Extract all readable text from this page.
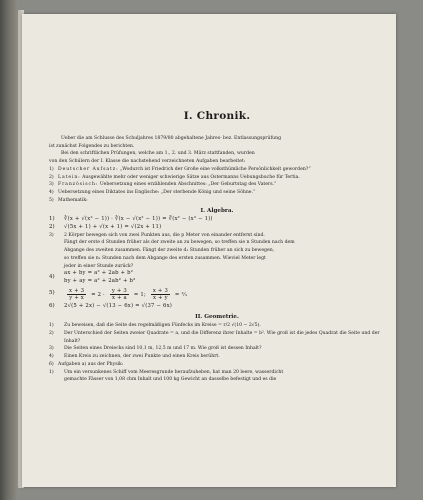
I. Chronik.

Ueber die am Schlusse des Schuljahres 1879/80 abgehaltene Jahres- bez. Entlassungsprüfung
ist zunächst Folgendes zu berichten.

Bei den schriftlichen Prüfungen, welche am 1., 2. und 3. März stattfanden, wurden
von den Schülern der I. Klasse die nachstehend verzeichneten Aufgaben bearbeitet:

1) Deutscher Aufsatz: „Wodurch ist Friedrich der Große eine volksthümliche Persönlichkeit geworden?“
2) Latein: Ausgewählte mehr oder weniger schwierige Sätze aus Ostermanns Uebungsbuche für Tertia.
3) Französisch: Uebersetzung eines erzählenden Abschnittes: „Der Geburtstag des Vaters.“
4) Uebersetzung eines Diktates ins Englische: „Der sterbende König und seine Söhne.“
5) Mathematik:
I. Algebra.
1)	∛(x + √(x² − 1)) · ∛(x − √(x² − 1)) = ∛(x² − (x² − 1))
2)	√(5x + 1) + √(x + 1) = √(2x + 11)
3)	2 Körper bewegen sich von zwei Punkten aus, die p Meter von einander entfernt sind.
Fängt der erste d Stunden früher als der zweite an zu bewegen, so treffen sie n Stunden nach dem
Abgange des zweiten zusammen. Fängt der zweite d₁ Stunden früher an sich zu bewegen,
so treffen sie n₁ Stunden nach dem Abgange des ersten zusammen. Wieviel Meter legt
jeder in einer Stunde zurück?
4)
ax + by = a² + 2ab + b²
by + ay = a² + 2ab² + b³
5)	$\frac{x + 3}{y + x} = 2 \cdot \frac{y + 3}{x + a} = 1$; $\frac{x + 3}{x + y}$ = ²⁄₃
6)	2√(5 + 2x) − √(13 − 6x) = √(37 − 6x)
II. Geometrie.
1)	Zu beweisen, daß die Seite des regelmäßigen Fünfecks im Kreise = r/2 √(10 − 2√5).
2)	Der Unterschied der Seiten zweier Quadrate = a, und die Differenz ihrer Inhalte = b². Wie groß ist die jedes Quadrat die Seite und der Inhalt?
3)	Die Seiten eines Dreiecks sind 10,1 m, 12,5 m und 17 m. Wie groß ist dessen Inhalt?
4)	Einen Kreis zu zeichnen, der zwei Punkte und einen Kreis berührt.
6) Aufgaben a) aus der Physik:
1)	Um ein versunkenes Schiff vom Meeresgrunde heraufzuheben, hat man 20 leere, wasserdicht
gemachte Fässer von 1,08 cbm Inhalt und 100 kg Gewicht an dasselbe befestigt und es die
